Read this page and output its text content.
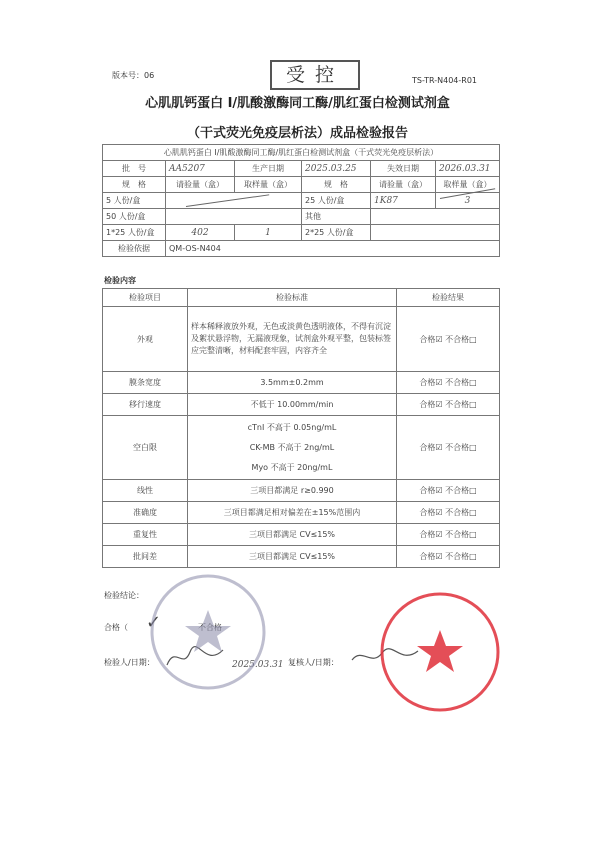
版本号：06	受控	TS-TR-N404-R01
心肌肌钙蛋白 I/肌酸激酶同工酶/肌红蛋白检测试剂盒
（干式荧光免疫层析法）成品检验报告
心肌肌钙蛋白 I/肌酸激酶同工酶/肌红蛋白检测试剂盒（干式荧光免疫层析法）					
批　号	AA5207	生产日期	2025.03.25	失效日期	2026.03.31
规　格	请验量（盒）	取样量（盒）	规　格	请验量（盒）	取样量（盒）
5 人份/盒			25 人份/盒	1K87	3
50 人份/盒			其他		
1*25 人份/盒	402	1	2*25 人份/盒		
检验依据	QM-OS-N404				
检验内容
检验项目	检验标准	检验结果
外观	样本稀释液放外观，无色或淡黄色透明液体，不得有沉淀及絮状悬浮物，无漏液现象，试剂盒外观平整，包装标签应完整清晰，材料配套牢固，内容齐全	合格☑ 不合格□
膜条宽度	3.5mm±0.2mm	合格☑ 不合格□
移行速度	不低于 10.00mm/min	合格☑ 不合格□
空白限	cTnI 不高于 0.05ng/mL
CK-MB 不高于 2ng/mL
Myo 不高于 20ng/mL	合格☑ 不合格□
线性	三项目都满足 r≥0.990	合格☑ 不合格□
准确度	三项目都满足相对偏差在±15%范围内	合格☑ 不合格□
重复性	三项目都满足 CV≤15%	合格☑ 不合格□
批间差	三项目都满足 CV≤15%	合格☑ 不合格□
检验结论：
合格（ ✓
检验人/日期：	2025.03.31 复核人/日期：
